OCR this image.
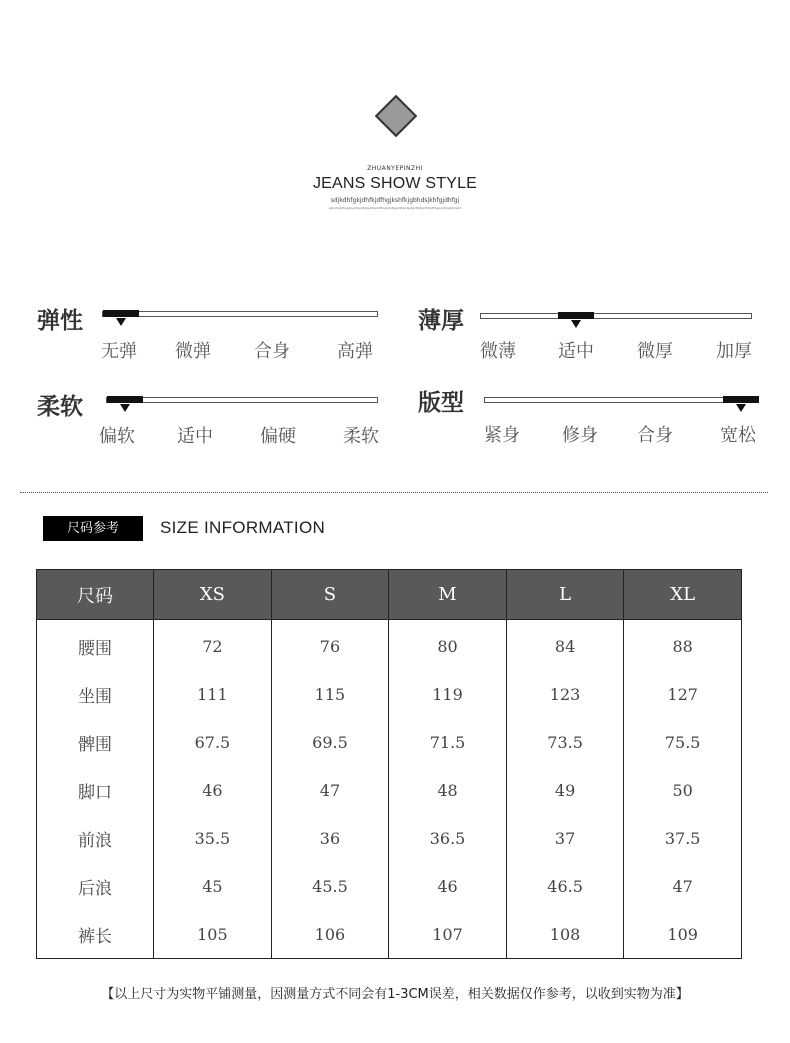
ZHUANYEPINZHI
JEANS SHOW STYLE
sdjkdhfgkjdhfkjdfhgjkshfkjgbhdsjkhfgjdhfgj
sgtsrhsdjfhgsdjsgdhsdjfgbsdjfksdkfhsgkdsfkgsdkfskdjsdjkdhfgkjdhfkjdfhgjkshfkjgbhdsjkh
弹性
无弹 微弹 合身	高弹
薄厚
微薄 适中 微厚 加厚
柔软
偏软 适中	偏硬	柔软
版型
紧身 修身 合身	宽松
尺码参考	SIZE INFORMATION
尺码	XS	S	M	L	XL
腰围	72	76	80	84	88
坐围	111	115	119	123	127
髀围	67.5	69.5	71.5	73.5	75.5
脚口	46	47	48	49	50
前浪	35.5	36	36.5	37	37.5
后浪	45	45.5	46	46.5	47
裤长	105	106	107	108	109
【以上尺寸为实物平铺测量，因测量方式不同会有1-3CM误差，相关数据仅作参考，以收到实物为准】
